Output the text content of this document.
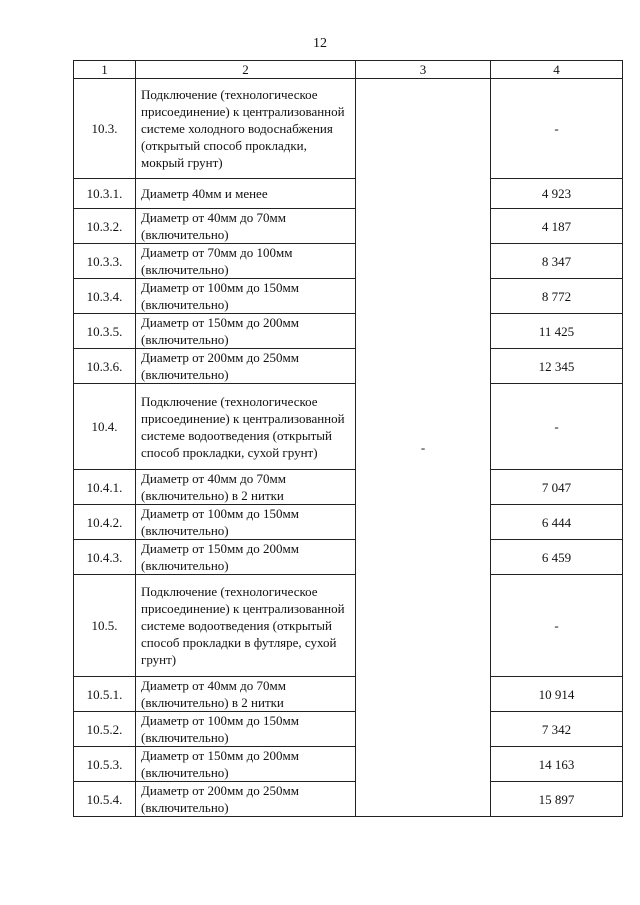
12
1	2	3	4
10.3.	Подключение (технологическое присоединение) к централизованной системе холодного водоснабжения (открытый способ прокладки, мокрый грунт)	-	-
10.3.1.	Диаметр 40мм и менее		4 923
10.3.2.	Диаметр от 40мм до 70мм (включительно)		4 187
10.3.3.	Диаметр от 70мм до 100мм (включительно)		8 347
10.3.4.	Диаметр от 100мм до 150мм (включительно)		8 772
10.3.5.	Диаметр от 150мм до 200мм (включительно)		11 425
10.3.6.	Диаметр от 200мм до 250мм (включительно)		12 345
10.4.	Подключение (технологическое присоединение) к централизованной системе водоотведения (открытый способ прокладки, сухой грунт)		-
10.4.1.	Диаметр от 40мм до 70мм (включительно) в 2 нитки		7 047
10.4.2.	Диаметр от 100мм до 150мм (включительно)		6 444
10.4.3.	Диаметр от 150мм до 200мм (включительно)		6 459
10.5.	Подключение (технологическое присоединение) к централизованной системе водоотведения (открытый способ прокладки в футляре, сухой грунт)		-
10.5.1.	Диаметр от 40мм до 70мм (включительно) в 2 нитки		10 914
10.5.2.	Диаметр от 100мм до 150мм (включительно)		7 342
10.5.3.	Диаметр от 150мм до 200мм (включительно)		14 163
10.5.4.	Диаметр от 200мм до 250мм (включительно)		15 897
